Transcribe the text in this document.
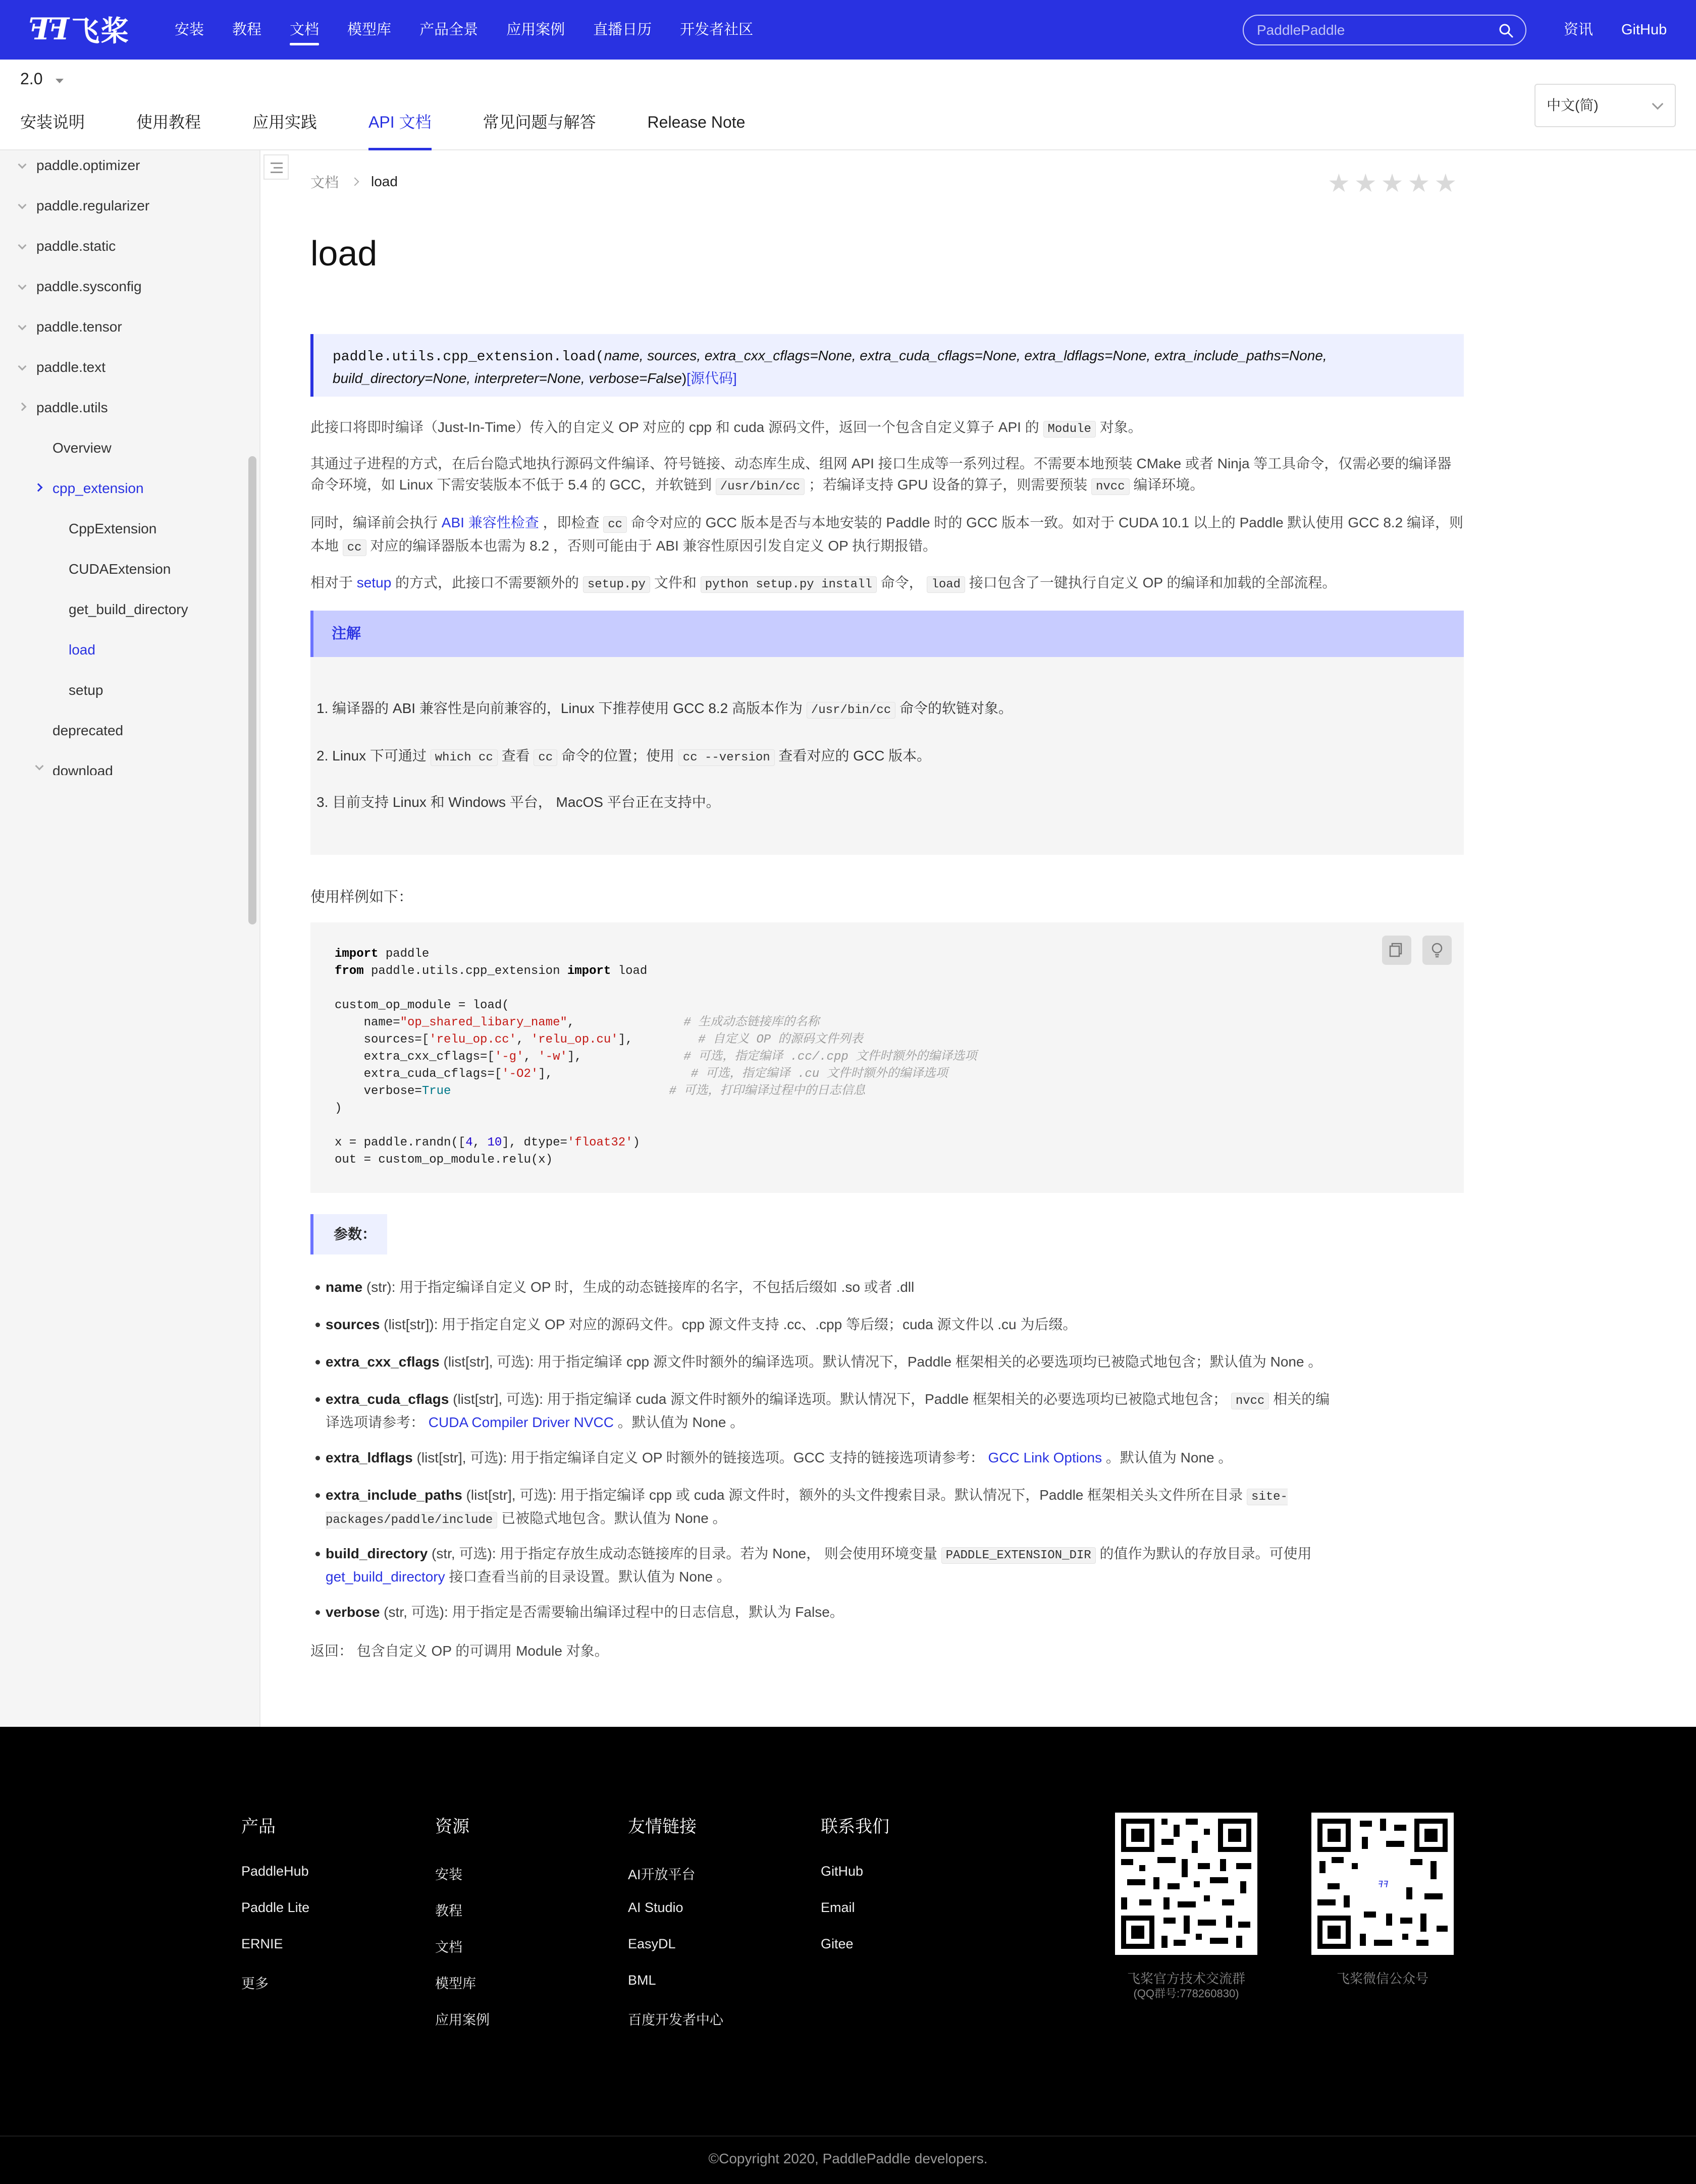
ꟻꟻ 飞桨	安装 教程 文档 模型库 产品全景 应用案例 直播日历 开发者社区
PaddlePaddle	资讯 GitHub
2.0
安装说明	使用教程	应用实践	API 文档	常见问题与解答	Release Note
中文(简)
paddle.optimizer
paddle.regularizer
paddle.static
paddle.sysconfig
paddle.tensor
paddle.text
paddle.utils
Overview
cpp_extension
CppExtension
CUDAExtension
get_build_directory
load
setup
deprecated
download
文档 load	★ ★ ★ ★ ★
load
paddle.utils.cpp_extension.load(name, sources, extra_cxx_cflags=None, extra_cuda_cflags=None, extra_ldflags=None, extra_include_paths=None, build_directory=None, interpreter=None, verbose=False)[源代码]

此接口将即时编译（Just-In-Time）传入的自定义 OP 对应的 cpp 和 cuda 源码文件，返回一个包含自定义算子 API 的 Module 对象。

其通过子进程的方式，在后台隐式地执行源码文件编译、符号链接、动态库生成、组网 API 接口生成等一系列过程。不需要本地预装 CMake 或者 Ninja 等工具命令，仅需必要的编译器命令环境，如 Linux 下需安装版本不低于 5.4 的 GCC，并软链到 /usr/bin/cc ；若编译支持 GPU 设备的算子，则需要预装 nvcc 编译环境。

同时，编译前会执行 ABI 兼容性检查 ，即检查 cc 命令对应的 GCC 版本是否与本地安装的 Paddle 时的 GCC 版本一致。如对于 CUDA 10.1 以上的 Paddle 默认使用 GCC 8.2 编译，则本地 cc 对应的编译器版本也需为 8.2 ，否则可能由于 ABI 兼容性原因引发自定义 OP 执行期报错。

相对于 setup 的方式，此接口不需要额外的 setup.py 文件和 python setup.py install 命令， load 接口包含了一键执行自定义 OP 的编译和加载的全部流程。

注解
1. 编译器的 ABI 兼容性是向前兼容的，Linux 下推荐使用 GCC 8.2 高版本作为 /usr/bin/cc 命令的软链对象。
2. Linux 下可通过 which cc 查看 cc 命令的位置；使用 cc --version 查看对应的 GCC 版本。
3. 目前支持 Linux 和 Windows 平台， MacOS 平台正在支持中。
使用样例如下：
import paddle
from paddle.utils.cpp_extension import load

custom_op_module = load(
name="op_shared_libary_name",               # 生成动态链接库的名称
sources=['relu_op.cc', 'relu_op.cu'],         # 自定义 OP 的源码文件列表
extra_cxx_cflags=['-g', '-w'],              # 可选，指定编译 .cc/.cpp 文件时额外的编译选项
extra_cuda_cflags=['-O2'],                   # 可选，指定编译 .cu 文件时额外的编译选项
verbose=True	# 可选，打印编译过程中的日志信息
)

x = paddle.randn([4, 10], dtype='float32')
out = custom_op_module.relu(x)
参数：
name (str): 用于指定编译自定义 OP 时，生成的动态链接库的名字，不包括后缀如 .so 或者 .dll
sources (list[str]): 用于指定自定义 OP 对应的源码文件。cpp 源文件支持 .cc、.cpp 等后缀；cuda 源文件以 .cu 为后缀。
extra_cxx_cflags (list[str], 可选): 用于指定编译 cpp 源文件时额外的编译选项。默认情况下，Paddle 框架相关的必要选项均已被隐式地包含；默认值为 None 。
extra_cuda_cflags (list[str], 可选): 用于指定编译 cuda 源文件时额外的编译选项。默认情况下，Paddle 框架相关的必要选项均已被隐式地包含； nvcc 相关的编译选项请参考： CUDA Compiler Driver NVCC 。默认值为 None 。
extra_ldflags (list[str], 可选): 用于指定编译自定义 OP 时额外的链接选项。GCC 支持的链接选项请参考： GCC Link Options 。默认值为 None 。
extra_include_paths (list[str], 可选): 用于指定编译 cpp 或 cuda 源文件时，额外的头文件搜索目录。默认情况下，Paddle 框架相关头文件所在目录 site-packages/paddle/include 已被隐式地包含。默认值为 None 。
build_directory (str, 可选): 用于指定存放生成动态链接库的目录。若为 None， 则会使用环境变量 PADDLE_EXTENSION_DIR 的值作为默认的存放目录。可使用 get_build_directory 接口查看当前的目录设置。默认值为 None 。
verbose (str, 可选): 用于指定是否需要输出编译过程中的日志信息，默认为 False。
返回： 包含自定义 OP 的可调用 Module 对象。
产品
PaddleHub
Paddle Lite
ERNIE
更多
资源
安装
教程
文档
模型库
应用案例
友情链接
AI开放平台
AI Studio
EasyDL
BML
百度开发者中心
联系我们
GitHub
Email
Gitee
飞桨官方技术交流群
(QQ群号:778260830)
ꟻꟻ
飞桨微信公众号
©Copyright 2020, PaddlePaddle developers.
